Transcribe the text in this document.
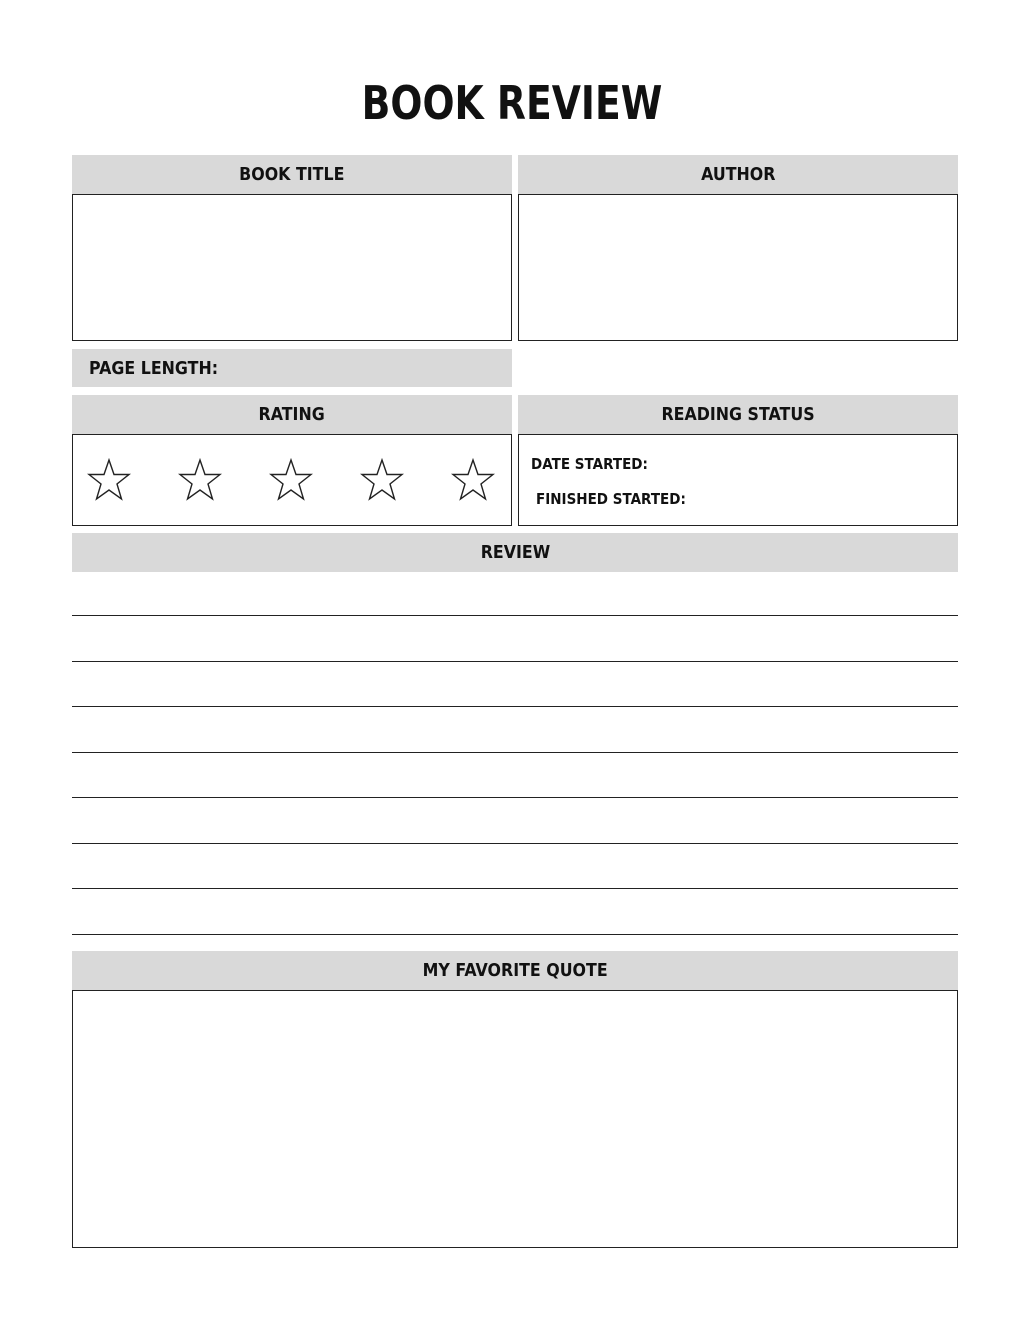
BOOK REVIEW
BOOK TITLE	AUTHOR
PAGE LENGTH:
RATING	READING STATUS
DATE STARTED:
FINISHED STARTED:
REVIEW
MY FAVORITE QUOTE
